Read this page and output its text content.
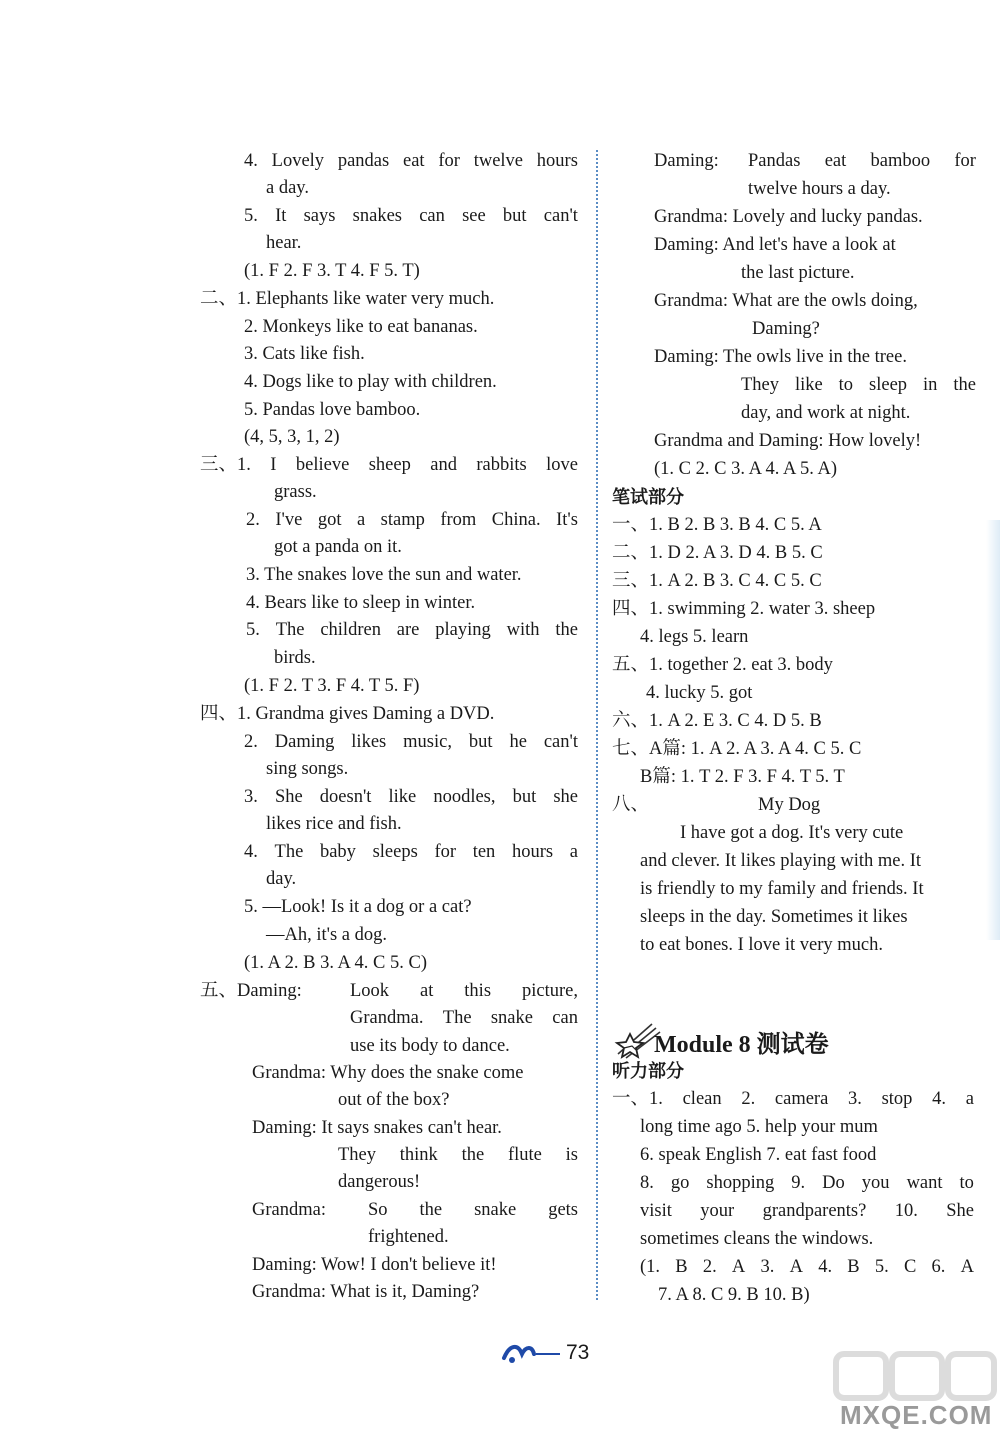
4. Lovely pandas eat for twelve hours
a day.
5. It says snakes can see but can't
hear.
(1. F 2. F 3. T 4. F 5. T)
二、1. Elephants like water very much.
2. Monkeys like to eat bananas.
3. Cats like fish.
4. Dogs like to play with children.
5. Pandas love bamboo.
(4, 5, 3, 1, 2)
三、1. I believe sheep and rabbits love
grass.
2. I've got a stamp from China. It's
got a panda on it.
3. The snakes love the sun and water.
4. Bears like to sleep in winter.
5. The children are playing with the
birds.
(1. F 2. T 3. F 4. T 5. F)
四、1. Grandma gives Daming a DVD.
2. Daming likes music, but he can't
sing songs.
3. She doesn't like noodles, but she
likes rice and fish.
4. The baby sleeps for ten hours a
day.
5. —Look! Is it a dog or a cat?
—Ah, it's a dog.
(1. A 2. B 3. A 4. C 5. C)
五、Daming:	Look at this picture,
Grandma. The snake can
use its body to dance.
Grandma: Why does the snake come
out of the box?
Daming: It says snakes can't hear.
They think the flute is
dangerous!
Grandma: So the snake gets
frightened.
Daming: Wow! I don't believe it!
Grandma: What is it, Daming?
Daming: Pandas eat bamboo for
twelve hours a day.
Grandma: Lovely and lucky pandas.
Daming: And let's have a look at
the last picture.
Grandma: What are the owls doing,
Daming?
Daming: The owls live in the tree.
They like to sleep in the
day, and work at night.
Grandma and Daming: How lovely!
(1. C 2. C 3. A 4. A 5. A)
笔试部分
一、1. B 2. B 3. B 4. C 5. A
二、1. D 2. A 3. D 4. B 5. C
三、1. A 2. B 3. C 4. C 5. C
四、1. swimming 2. water 3. sheep
4. legs 5. learn
五、1. together 2. eat 3. body
4. lucky 5. got
六、1. A 2. E 3. C 4. D 5. B
七、A篇: 1. A 2. A 3. A 4. C 5. C
B篇: 1. T 2. F 3. F 4. T 5. T
八、	My Dog
I have got a dog. It's very cute
and clever. It likes playing with me. It
is friendly to my family and friends. It
sleeps in the day. Sometimes it likes
to eat bones. I love it very much.
听力部分
一、1. clean 2. camera 3. stop 4. a
long time ago 5. help your mum
6. speak English 7. eat fast food
8. go shopping 9. Do you want to
visit your grandparents? 10. She
sometimes cleans the windows.
(1. B 2. A 3. A 4. B 5. C 6. A
7. A 8. C 9. B 10. B)
Module 8 测试卷
73
MXQE.COM
